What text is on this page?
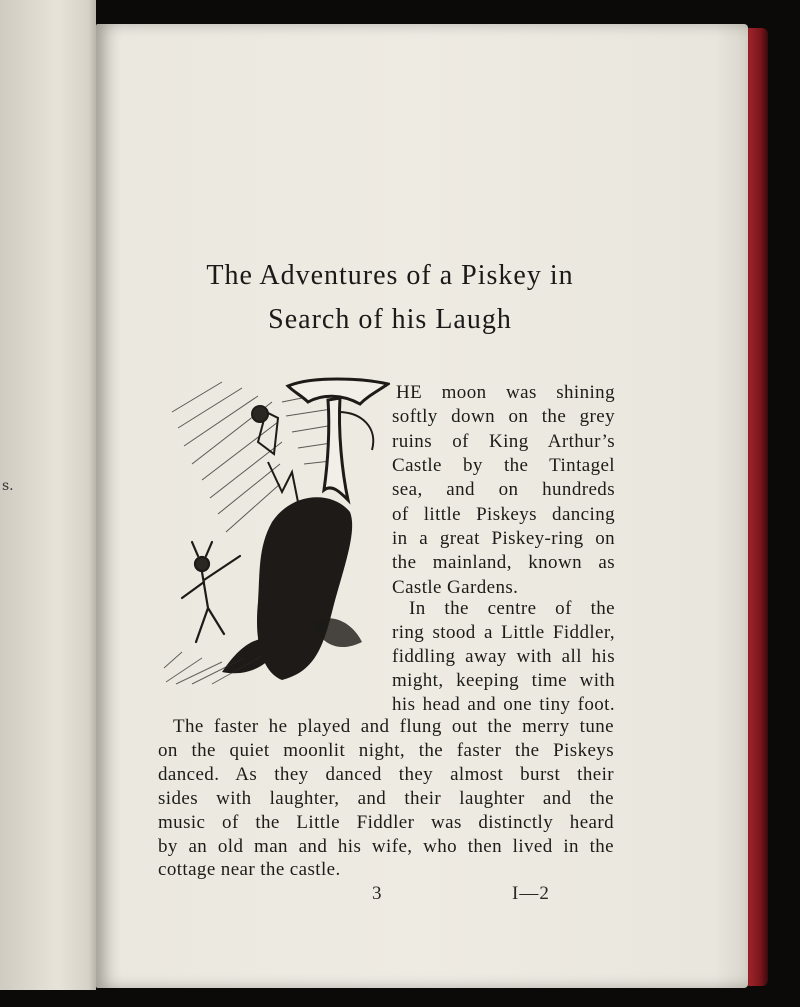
s.
The Adventures of a Piskey in
Search of his Laugh

HE moon was shining

softly down on the grey

ruins of King Arthur’s

Castle by the Tintagel

sea, and on hundreds

of little Piskeys dancing

in a great Piskey-ring on

the mainland, known as

Castle Gardens.

In the centre of the

ring stood a Little Fiddler,

fiddling away with all his

might, keeping time with

his head and one tiny foot.

The faster he played and flung out the merry tune

on the quiet moonlit night, the faster the Piskeys

danced. As they danced they almost burst their

sides with laughter, and their laughter and the

music of the Little Fiddler was distinctly heard

by an old man and his wife, who then lived in the

cottage near the castle.

3	I—2
